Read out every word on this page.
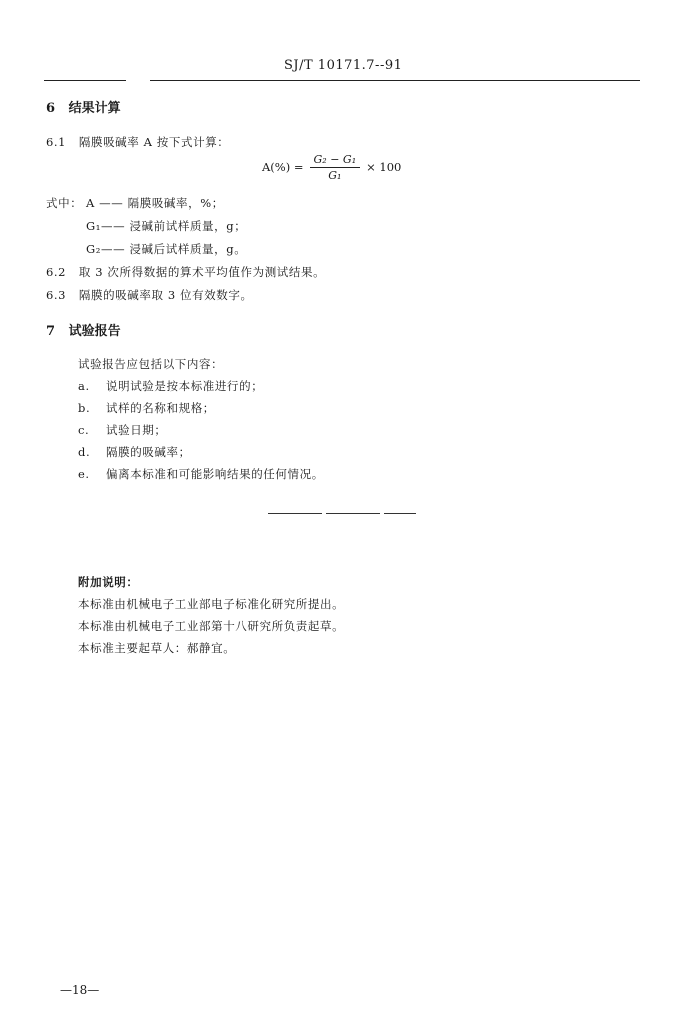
SJ/T 10171.7--91
6 结果计算
6.1 隔膜吸碱率 A 按下式计算：
$A(\%) = \frac{\text{G₂ − G₁}}{\text{G₁}} \times 100$
式中： A —— 隔膜吸碱率，%；
G₁—— 浸碱前试样质量，g；
G₂—— 浸碱后试样质量，g。
6.2 取 3 次所得数据的算术平均值作为测试结果。
6.3 隔膜的吸碱率取 3 位有效数字。
7 试验报告
试验报告应包括以下内容：
a. 说明试验是按本标准进行的；
b. 试样的名称和规格；
c. 试验日期；
d. 隔膜的吸碱率；
e. 偏离本标准和可能影响结果的任何情况。
附加说明：
本标准由机械电子工业部电子标准化研究所提出。
本标准由机械电子工业部第十八研究所负责起草。
本标准主要起草人：郝静宜。
—18—
